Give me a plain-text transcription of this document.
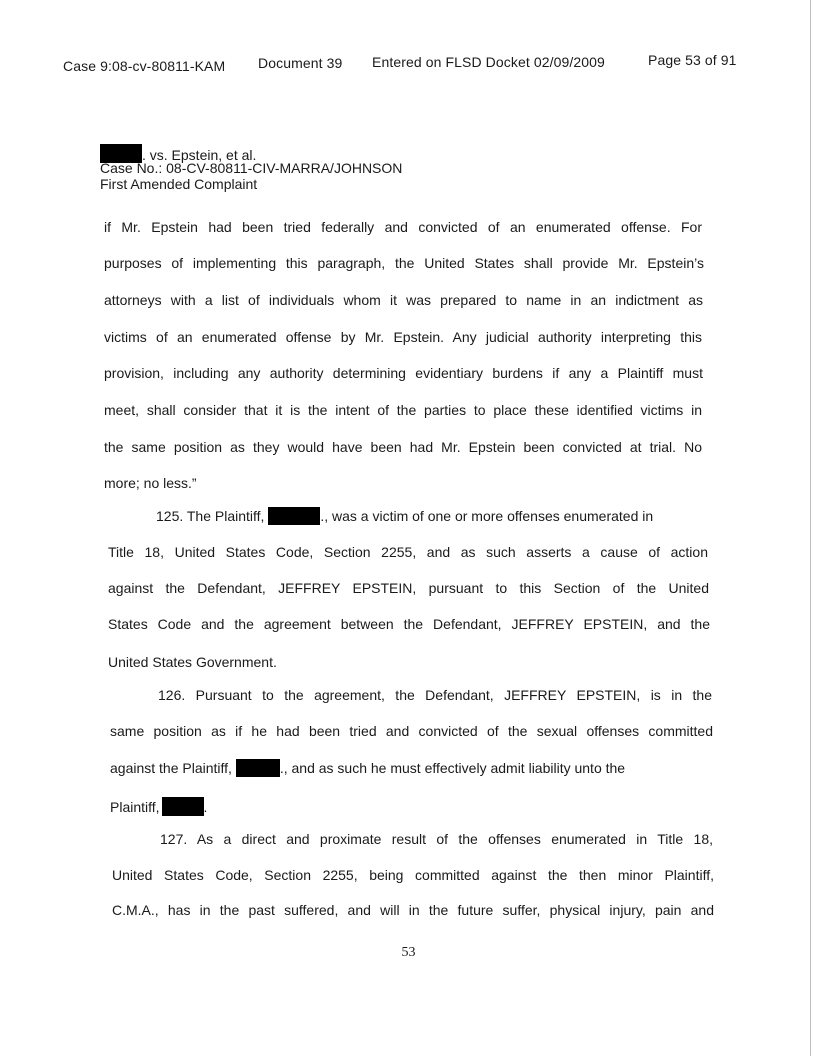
Case 9:08-cv-80811-KAM Document 39 Entered on FLSD Docket 02/09/2009	Page 53 of 91
. vs. Epstein, et al.
Case No.: 08-CV-80811-CIV-MARRA/JOHNSON
First Amended Complaint
if Mr. Epstein had been tried federally and convicted of an enumerated offense. For
purposes of implementing this paragraph, the United States shall provide Mr. Epstein’s
attorneys with a list of individuals whom it was prepared to name in an indictment as
victims of an enumerated offense by Mr. Epstein. Any judicial authority interpreting this
provision, including any authority determining evidentiary burdens if any a Plaintiff must
meet, shall consider that it is the intent of the parties to place these identified victims in
the same position as they would have been had Mr. Epstein been convicted at trial. No
more; no less.”
125. The Plaintiff,	., was a victim of one or more offenses enumerated in
Title 18, United States Code, Section 2255, and as such asserts a cause of action
against the Defendant, JEFFREY EPSTEIN, pursuant to this Section of the United
States Code and the agreement between the Defendant, JEFFREY EPSTEIN, and the
United States Government.
126. Pursuant to the agreement, the Defendant, JEFFREY EPSTEIN, is in the
same position as if he had been tried and convicted of the sexual offenses committed
against the Plaintiff,	., and as such he must effectively admit liability unto the
Plaintiff,	.
127. As a direct and proximate result of the offenses enumerated in Title 18,
United States Code, Section 2255, being committed against the then minor Plaintiff,
C.M.A., has in the past suffered, and will in the future suffer, physical injury, pain and
53
